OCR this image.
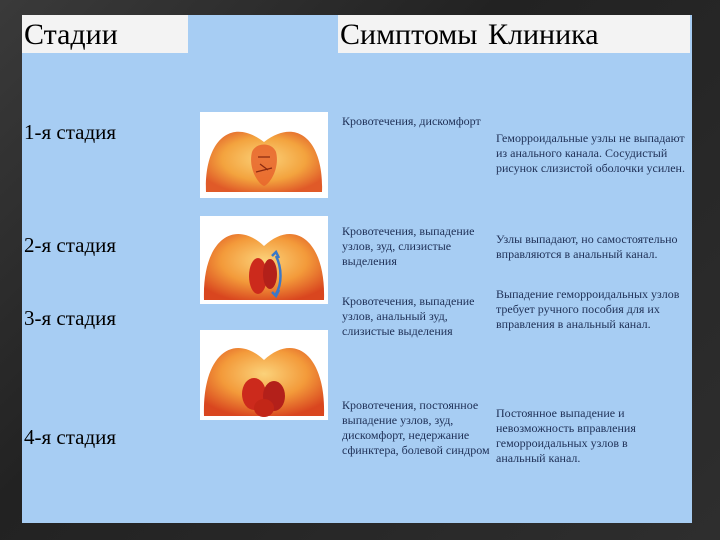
Стадии	Симптомы Клиника
1-я стадия
2-я стадия
3-я стадия
4-я стадия
Кровотечения, дискомфорт
Кровотечения, выпадение узлов, зуд, слизистые выделения
Кровотечения, выпадение узлов, анальный зуд, слизистые выделения
Кровотечения, постоянное выпадение узлов, зуд, дискомфорт, недержание сфинктера, болевой синдром
Геморроидальные узлы не выпадают из анального канала. Сосудистый рисунок слизистой оболочки усилен.
Узлы выпадают, но самостоятельно вправляются в анальный канал.
Выпадение геморроидальных узлов требует ручного пособия для их вправления в анальный канал.
Постоянное выпадение и невозможность вправления геморроидальных узлов в анальный канал.
